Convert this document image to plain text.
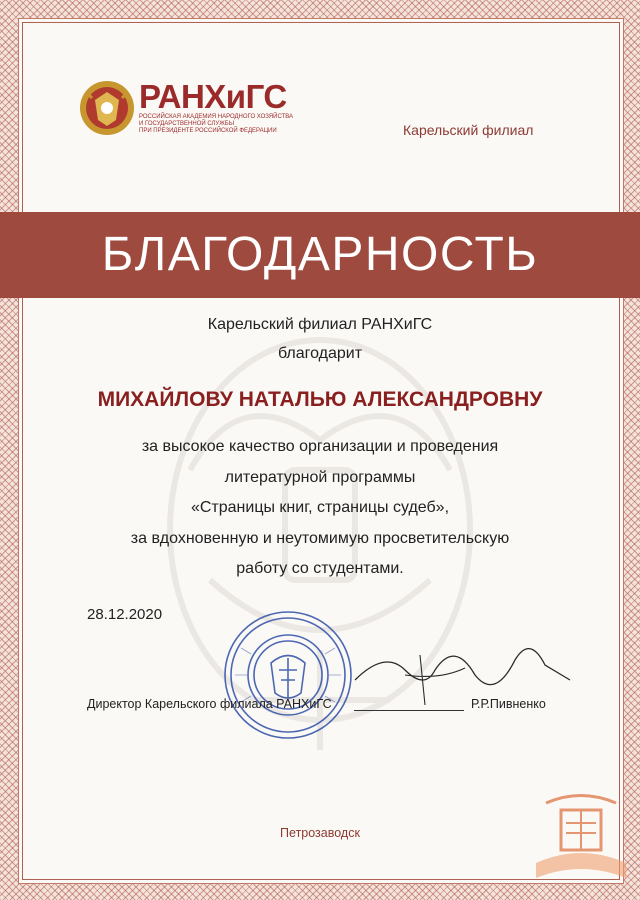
РАНХиГС
РОССИЙСКАЯ АКАДЕМИЯ НАРОДНОГО ХОЗЯЙСТВА
И ГОСУДАРСТВЕННОЙ СЛУЖБЫ
ПРИ ПРЕЗИДЕНТЕ РОССИЙСКОЙ ФЕДЕРАЦИИ	Карельский филиал
БЛАГОДАРНОСТЬ
Карельский филиал РАНХиГС
благодарит
МИХАЙЛОВУ НАТАЛЬЮ АЛЕКСАНДРОВНУ
за высокое качество организации и проведения
литературной программы
«Страницы книг, страницы судеб»,
за вдохновенную и неутомимую просветительскую
работу со студентами.
28.12.2020
Директор Карельского филиала РАНХиГС	Р.Р.Пивненко
Петрозаводск
